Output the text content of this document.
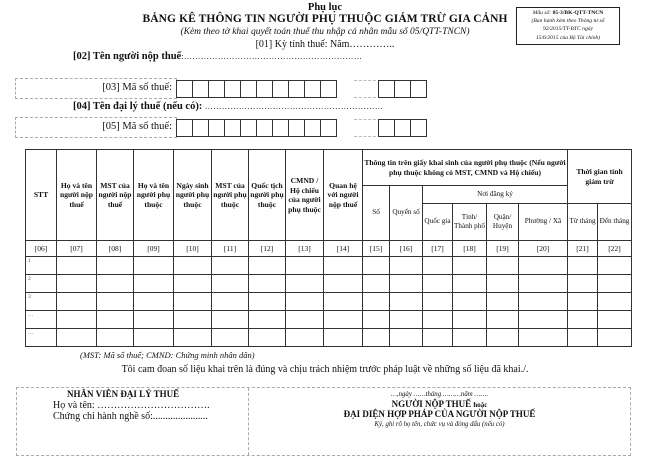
Phụ lục
BẢNG KÊ THÔNG TIN NGƯỜI PHỤ THUỘC GIẢM TRỪ GIA CẢNH
(Kèm theo tờ khai quyết toán thuế thu nhập cá nhân mẫu số 05/QTT-TNCN)
Mẫu số: 05-3/BK-QTT-TNCN
(Ban hành kèm theo Thông tư số
92/2015/TT-BTC ngày
15/6/2015 của Bộ Tài chính)
[01] Kỳ tính thuế: Năm…………..
[02] Tên người nộp thuế:………………………………………………………
[03] Mã số thuế:
[04] Tên đại lý thuế (nếu có): ………………………………………………………
[05] Mã số thuế:
STT	Họ và tên người nộp thuế	MST của người nộp thuế	Họ và tên người phụ thuộc	Ngày sinh người phụ thuộc	MST của người phụ thuộc	Quốc tịch người phụ thuộc	CMND / Hộ chiếu của người phụ thuộc	Quan hệ với người nộp thuế	Thông tin trên giấy khai sinh của người phụ thuộc (Nếu người phụ thuộc không có MST, CMND và Hộ chiếu)						Thời gian tính giảm trừ	
									Số	Quyển số	Nơi đăng ký					
											Quốc gia	Tỉnh/ Thành phố	Quận/ Huyện	Phường / Xã	Từ tháng	Đến tháng
[06]	[07]	[08]	[09]	[10]	[11]	[12]	[13]	[14]	[15]	[16]	[17]	[18]	[19]	[20]	[21]	[22]
1																
2																
3																
…																
…																
(MST: Mã số thuế; CMND: Chứng minh nhân dân)
Tôi cam đoan số liệu khai trên là đúng và chịu trách nhiệm trước pháp luật về những số liệu đã khai./.
NHÂN VIÊN ĐẠI LÝ THUẾ
Họ và tên: …………………………….
Chứng chỉ hành nghề số:......................
…,ngày ……tháng ………năm …….
NGƯỜI NỘP THUẾ hoặc
ĐẠI DIỆN HỢP PHÁP CỦA NGƯỜI NỘP THUẾ
Ký, ghi rõ họ tên, chức vụ và đóng dấu (nếu có)
